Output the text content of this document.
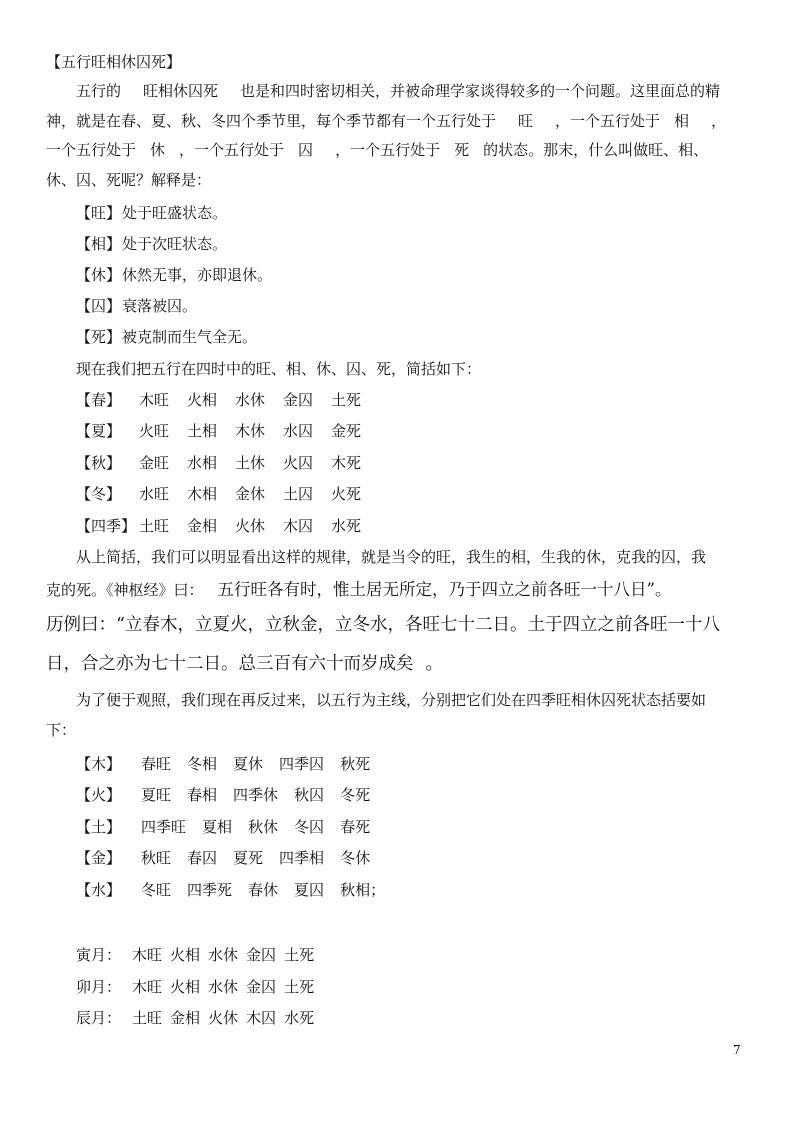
【五行旺相休囚死】
五行的 旺相休囚死 也是和四时密切相关，并被命理学家谈得较多的一个问题。这里面总的精
神，就是在春、夏、秋、冬四个季节里，每个季节都有一个五行处于 旺 ，一个五行处于 相 ，
一个五行处于 休 ，一个五行处于 囚 ，一个五行处于 死 的状态。那末，什么叫做旺、相、
休、囚、死呢？解释是：
【旺】处于旺盛状态。
【相】处于次旺状态。
【休】休然无事，亦即退休。
【囚】衰落被囚。
【死】被克制而生气全无。
现在我们把五行在四时中的旺、相、休、囚、死，简括如下：
【春】 木旺 火相 水休 金囚 土死
【夏】 火旺 土相 木休 水囚 金死
【秋】 金旺 水相 土休 火囚 木死
【冬】 水旺 木相 金休 土囚 火死
【四季】 土旺 金相 火休 木囚 水死
从上简括，我们可以明显看出这样的规律，就是当令的旺，我生的相，生我的休，克我的囚，我
克的死。《神枢经》曰： 五行旺各有时，惟土居无所定，乃于四立之前各旺一十八日”。
历例曰：“立春木，立夏火，立秋金，立冬水，各旺七十二日。土于四立之前各旺一十八
日，合之亦为七十二日。总三百有六十而岁成矣 。
为了便于观照，我们现在再反过来，以五行为主线，分别把它们处在四季旺相休囚死状态括要如
下：
【木】 春旺 冬相 夏休 四季囚 秋死
【火】 夏旺 春相 四季休 秋囚 冬死
【土】 四季旺 夏相 秋休 冬囚 春死
【金】 秋旺 春囚 夏死 四季相 冬休
【水】 冬旺 四季死 春休 夏囚 秋相；
寅月： 木旺 火相 水休 金囚 土死
卯月： 木旺 火相 水休 金囚 土死
辰月： 土旺 金相 火休 木囚 水死
7
